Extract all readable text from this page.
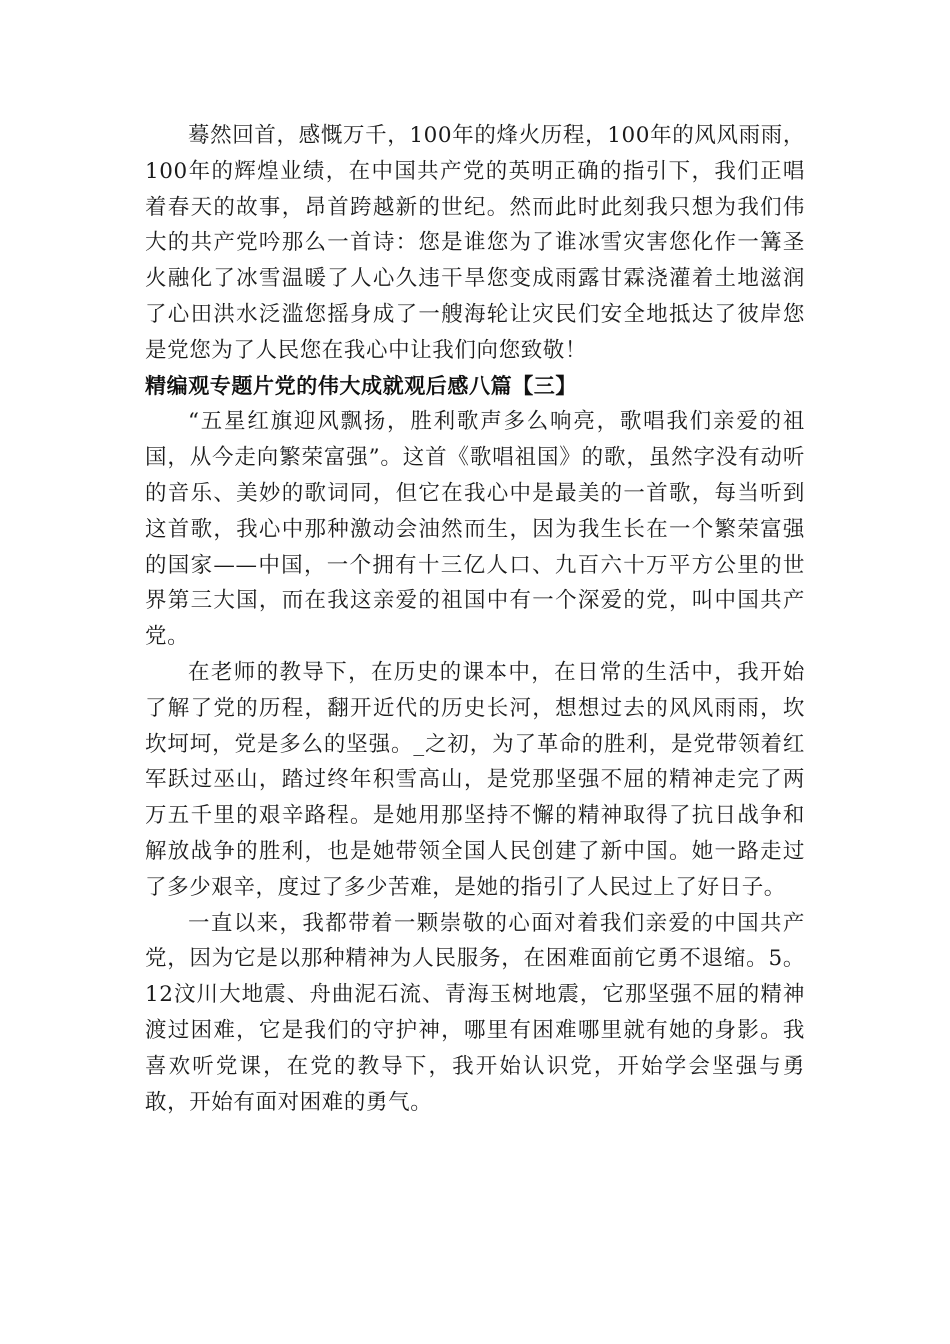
蓦然回首，感慨万千，100年的烽火历程，100年的风风雨雨，100年的辉煌业绩，在中国共产党的英明正确的指引下，我们正唱着春天的故事，昂首跨越新的世纪。然而此时此刻我只想为我们伟大的共产党吟那么一首诗：您是谁您为了谁冰雪灾害您化作一篝圣火融化了冰雪温暖了人心久违干旱您变成雨露甘霖浇灌着土地滋润了心田洪水泛滥您摇身成了一艘海轮让灾民们安全地抵达了彼岸您是党您为了人民您在我心中让我们向您致敬！

精编观专题片党的伟大成就观后感八篇【三】

“五星红旗迎风飘扬，胜利歌声多么响亮，歌唱我们亲爱的祖国，从今走向繁荣富强”。这首《歌唱祖国》的歌，虽然字没有动听的音乐、美妙的歌词同，但它在我心中是最美的一首歌，每当听到这首歌，我心中那种激动会油然而生，因为我生长在一个繁荣富强的国家——中国，一个拥有十三亿人口、九百六十万平方公里的世界第三大国，而在我这亲爱的祖国中有一个深爱的党，叫中国共产党。

在老师的教导下，在历史的课本中，在日常的生活中，我开始了解了党的历程，翻开近代的历史长河，想想过去的风风雨雨，坎坎坷坷，党是多么的坚强。_之初，为了革命的胜利，是党带领着红军跃过巫山，踏过终年积雪高山，是党那坚强不屈的精神走完了两万五千里的艰辛路程。是她用那坚持不懈的精神取得了抗日战争和解放战争的胜利，也是她带领全国人民创建了新中国。她一路走过了多少艰辛，度过了多少苦难，是她的指引了人民过上了好日子。

一直以来，我都带着一颗崇敬的心面对着我们亲爱的中国共产党，因为它是以那种精神为人民服务，在困难面前它勇不退缩。5。12汶川大地震、舟曲泥石流、青海玉树地震，它那坚强不屈的精神渡过困难，它是我们的守护神，哪里有困难哪里就有她的身影。我喜欢听党课，在党的教导下，我开始认识党，开始学会坚强与勇敢，开始有面对困难的勇气。
